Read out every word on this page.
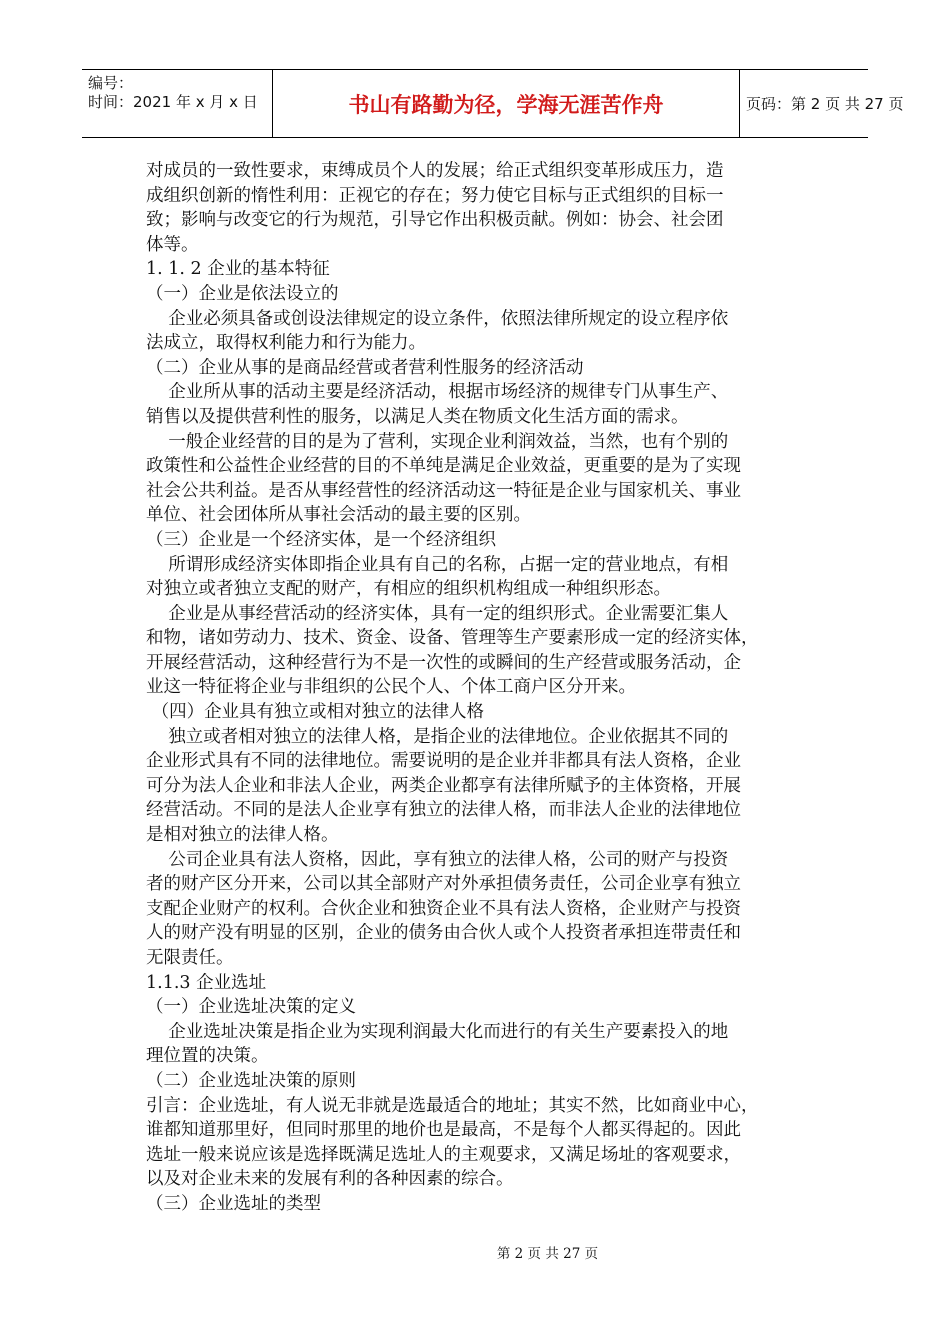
编号：
时间：2021 年 x 月 x 日	书山有路勤为径，学海无涯苦作舟	页码：第 2 页 共 27 页
对成员的一致性要求，束缚成员个人的发展；给正式组织变革形成压力，造
成组织创新的惰性利用：正视它的存在；努力使它目标与正式组织的目标一
致；影响与改变它的行为规范，引导它作出积极贡献。例如：协会、社会团
体等。
1. 1. 2 企业的基本特征
（一）企业是依法设立的
企业必须具备或创设法律规定的设立条件，依照法律所规定的设立程序依
法成立，取得权利能力和行为能力。
（二）企业从事的是商品经营或者营利性服务的经济活动
企业所从事的活动主要是经济活动，根据市场经济的规律专门从事生产、
销售以及提供营利性的服务，以满足人类在物质文化生活方面的需求。
一般企业经营的目的是为了营利，实现企业利润效益，当然，也有个别的
政策性和公益性企业经营的目的不单纯是满足企业效益，更重要的是为了实现
社会公共利益。是否从事经营性的经济活动这一特征是企业与国家机关、事业
单位、社会团体所从事社会活动的最主要的区别。
（三）企业是一个经济实体，是一个经济组织
所谓形成经济实体即指企业具有自己的名称，占据一定的营业地点，有相
对独立或者独立支配的财产，有相应的组织机构组成一种组织形态。
企业是从事经营活动的经济实体，具有一定的组织形式。企业需要汇集人
和物，诸如劳动力、技术、资金、设备、管理等生产要素形成一定的经济实体，
开展经营活动，这种经营行为不是一次性的或瞬间的生产经营或服务活动，企
业这一特征将企业与非组织的公民个人、个体工商户区分开来。
（四）企业具有独立或相对独立的法律人格
独立或者相对独立的法律人格，是指企业的法律地位。企业依据其不同的
企业形式具有不同的法律地位。需要说明的是企业并非都具有法人资格，企业
可分为法人企业和非法人企业，两类企业都享有法律所赋予的主体资格，开展
经营活动。不同的是法人企业享有独立的法律人格，而非法人企业的法律地位
是相对独立的法律人格。
公司企业具有法人资格，因此，享有独立的法律人格，公司的财产与投资
者的财产区分开来，公司以其全部财产对外承担债务责任，公司企业享有独立
支配企业财产的权利。合伙企业和独资企业不具有法人资格，企业财产与投资
人的财产没有明显的区别，企业的债务由合伙人或个人投资者承担连带责任和
无限责任。
1.1.3 企业选址
（一）企业选址决策的定义
企业选址决策是指企业为实现利润最大化而进行的有关生产要素投入的地
理位置的决策。
（二）企业选址决策的原则
引言：企业选址，有人说无非就是选最适合的地址；其实不然，比如商业中心，
谁都知道那里好，但同时那里的地价也是最高，不是每个人都买得起的。因此
选址一般来说应该是选择既满足选址人的主观要求，又满足场址的客观要求，
以及对企业未来的发展有利的各种因素的综合。
（三）企业选址的类型
第 2 页 共 27 页
